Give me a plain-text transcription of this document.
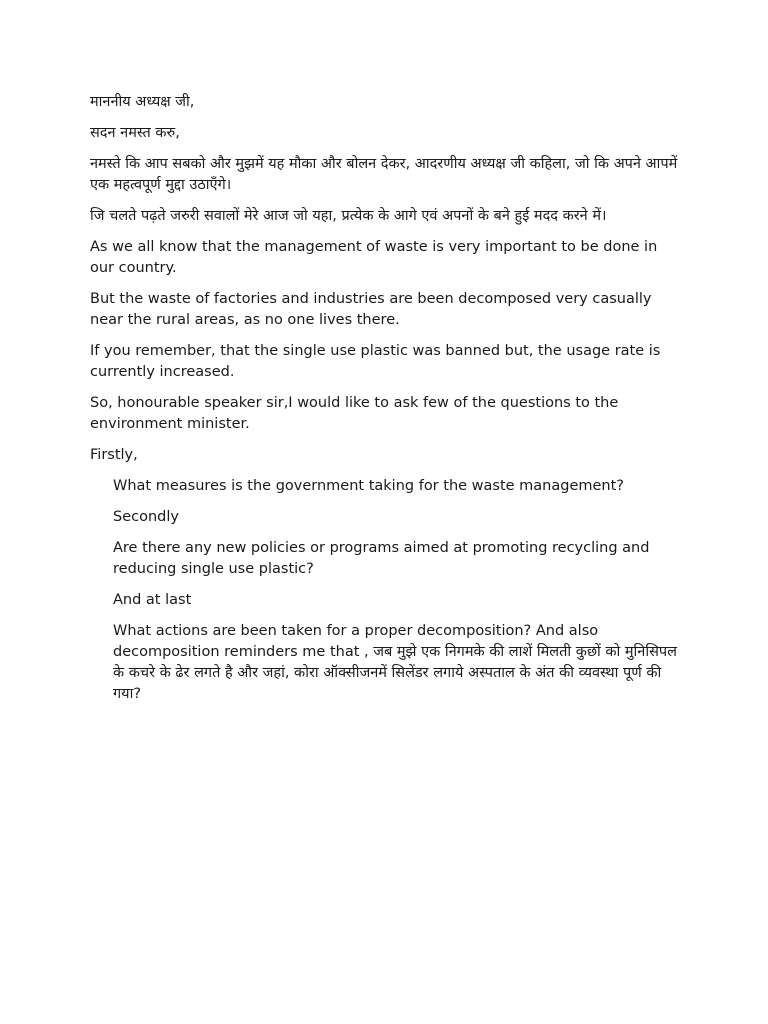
माननीय अध्यक्ष जी,

सदन नमस्त करु,

नमस्ते कि आप सबको और मुझमें यह मौका और बोलन देकर, आदरणीय अध्यक्ष जी कहिला, जो कि अपने आपमें एक महत्वपूर्ण मुद्दा उठाएँगे।

जि चलते पढ़ते जरुरी सवालों मेरे आज जो यहा, प्रत्येक के आगे एवं अपनों के बने हुई मदद करने में।

As we all know that the management of waste is very important to be done in our country.

But the waste of factories and industries are been decomposed very casually near the rural areas, as no one lives there.

If you remember, that the single use plastic was banned but, the usage rate is currently increased.

So, honourable speaker sir,I would like to ask few of the questions to the environment minister.

Firstly,

What measures is the government taking for the waste management?

Secondly

Are there any new policies or programs aimed at promoting recycling and reducing single use plastic?

And at last

What actions are been taken for a proper decomposition? And also decomposition reminders me that , जब मुझे एक निगमके की लाशें मिलती कुछों को मुनिसिपल के कचरे के ढेर लगते है और जहां, कोरा ऑक्सीजनमें सिलेंडर लगाये अस्पताल के अंत की व्यवस्था पूर्ण की गया?
